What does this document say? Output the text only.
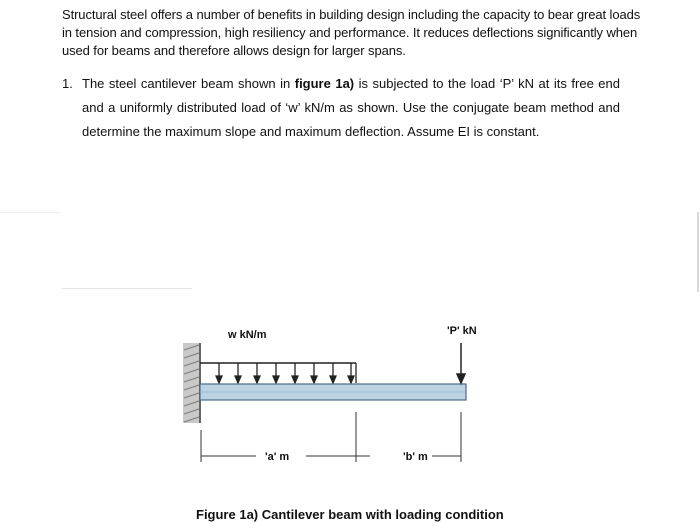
Structural steel offers a number of benefits in building design including the capacity to bear great loads in tension and compression, high resiliency and performance. It reduces deflections significantly when used for beams and therefore allows design for larger spans.
1. The steel cantilever beam shown in figure 1a) is subjected to the load ‘P’ kN at its free end and a uniformly distributed load of ‘w’ kN/m as shown. Use the conjugate beam method and determine the maximum slope and maximum deflection. Assume EI is constant.
w kN/m	'P' kN
'a' m	'b' m
Figure 1a) Cantilever beam with loading condition
